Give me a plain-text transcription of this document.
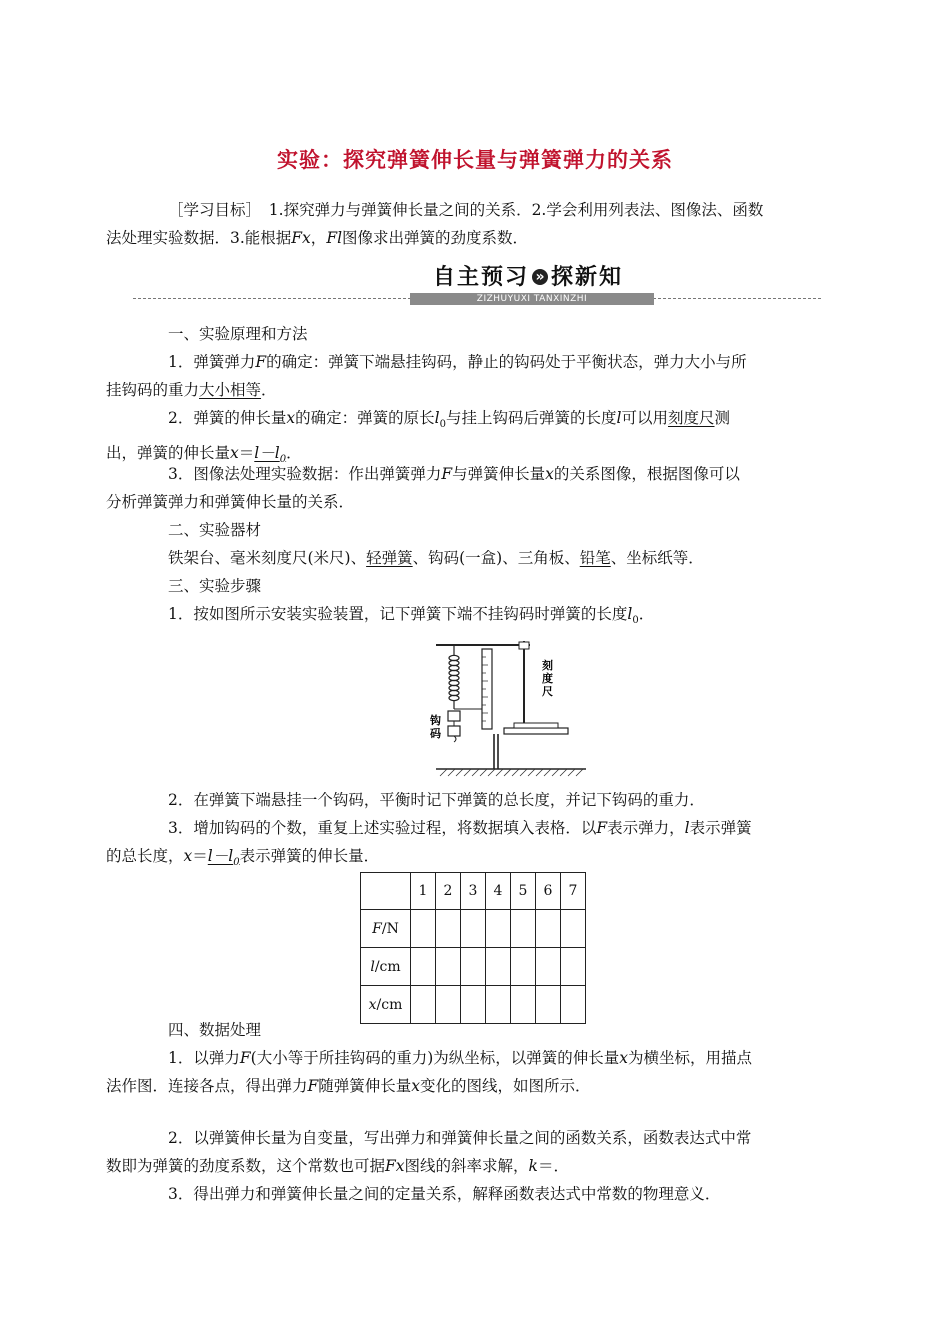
实验：探究弹簧伸长量与弹簧弹力的关系

［学习目标］　 1.探究弹力与弹簧伸长量之间的关系．2.学会利用列表法、图像法、函数
法处理实验数据．3.能根据Fx，Fl图像求出弹簧的劲度系数．

自主预习 » 探新知
ZIZHUYUXI TANXINZHI

一、实验原理和方法

1．弹簧弹力F的确定：弹簧下端悬挂钩码，静止的钩码处于平衡状态，弹力大小与所
挂钩码的重力大小相等．

2．弹簧的伸长量x的确定：弹簧的原长$l_0$与挂上钩码后弹簧的长度l可以用刻度尺测
出，弹簧的伸长量$x=l-l_0$．

3．图像法处理实验数据：作出弹簧弹力F与弹簧伸长量x的关系图像，根据图像可以
分析弹簧弹力和弹簧伸长量的关系．

二、实验器材

铁架台、毫米刻度尺(米尺)、轻弹簧、钩码(一盒)、三角板、铅笔、坐标纸等．

三、实验步骤

1．按如图所示安装实验装置，记下弹簧下端不挂钩码时弹簧的长度$l_0$．

刻
度
尺
钩
码

2．在弹簧下端悬挂一个钩码，平衡时记下弹簧的总长度，并记下钩码的重力．

3．增加钩码的个数，重复上述实验过程，将数据填入表格．以F表示弹力，l表示弹簧
的总长度，$x=l-l_0$表示弹簧的伸长量．

	1	2	3	4	5	6	7
F/N							
l/cm							
x/cm							

四、数据处理

1．以弹力F(大小等于所挂钩码的重力)为纵坐标，以弹簧的伸长量x为横坐标，用描点
法作图．连接各点，得出弹力F随弹簧伸长量x变化的图线，如图所示．

2．以弹簧伸长量为自变量，写出弹力和弹簧伸长量之间的函数关系，函数表达式中常
数即为弹簧的劲度系数，这个常数也可据Fx图线的斜率求解，k＝．

3．得出弹力和弹簧伸长量之间的定量关系，解释函数表达式中常数的物理意义．
